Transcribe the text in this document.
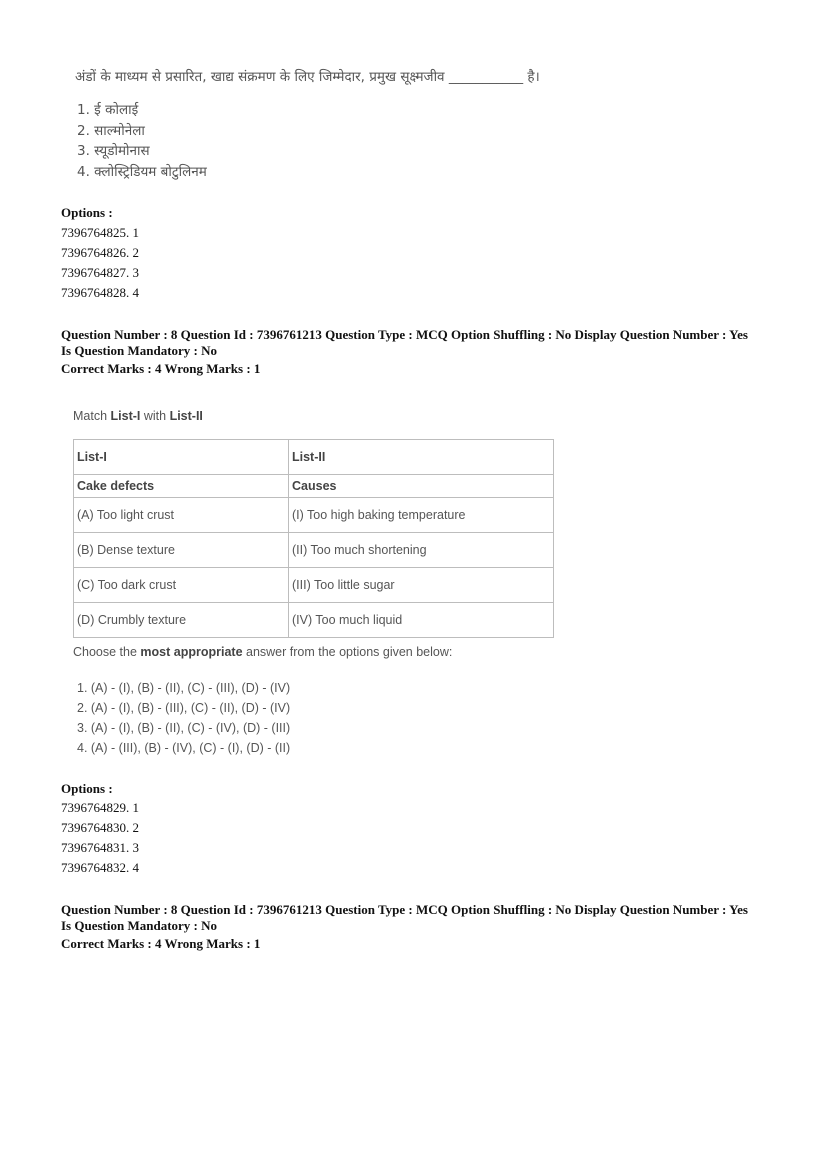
अंडों के माध्यम से प्रसारित, खाद्य संक्रमण के लिए जिम्मेदार, प्रमुख सूक्ष्मजीव ___________ है।
1. ई कोलाई
2. साल्मोनेला
3. स्यूडोमोनास
4. क्लोस्ट्रिडियम बोटुलिनम
Options :
7396764825. 1
7396764826. 2
7396764827. 3
7396764828. 4
Question Number : 8 Question Id : 7396761213 Question Type : MCQ Option Shuffling : No Display Question Number : Yes
Is Question Mandatory : No
Correct Marks : 4 Wrong Marks : 1
Match List-I with List-II
List-I	List-II
Cake defects	Causes
(A) Too light crust	(I) Too high baking temperature
(B) Dense texture	(II) Too much shortening
(C) Too dark crust	(III) Too little sugar
(D) Crumbly texture	(IV) Too much liquid
Choose the most appropriate answer from the options given below:
1. (A) - (I), (B) - (II), (C) - (III), (D) - (IV)
2. (A) - (I), (B) - (III), (C) - (II), (D) - (IV)
3. (A) - (I), (B) - (II), (C) - (IV), (D) - (III)
4. (A) - (III), (B) - (IV), (C) - (I), (D) - (II)
Options :
7396764829. 1
7396764830. 2
7396764831. 3
7396764832. 4
Question Number : 8 Question Id : 7396761213 Question Type : MCQ Option Shuffling : No Display Question Number : Yes
Is Question Mandatory : No
Correct Marks : 4 Wrong Marks : 1
